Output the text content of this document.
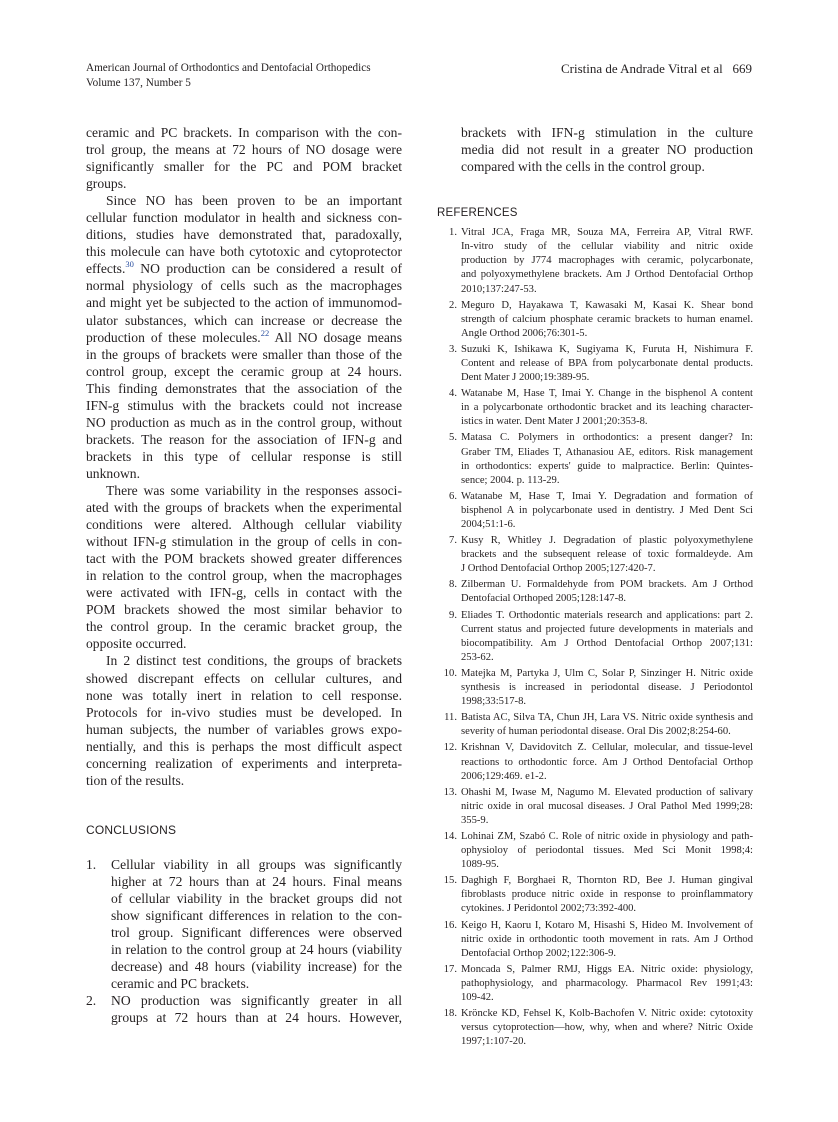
American Journal of Orthodontics and Dentofacial Orthopedics
Volume 137, Number 5
Cristina de Andrade Vitral et al 669
ceramic and PC brackets. In comparison with the con-
trol group, the means at 72 hours of NO dosage were
significantly smaller for the PC and POM bracket
groups.
Since NO has been proven to be an important
cellular function modulator in health and sickness con-
ditions, studies have demonstrated that, paradoxally,
this molecule can have both cytotoxic and cytoprotector
effects.$^{30}$ NO production can be considered a result of
normal physiology of cells such as the macrophages
and might yet be subjected to the action of immunomod-
ulator substances, which can increase or decrease the
production of these molecules.$^{22}$ All NO dosage means
in the groups of brackets were smaller than those of the
control group, except the ceramic group at 24 hours.
This finding demonstrates that the association of the
IFN-g stimulus with the brackets could not increase
NO production as much as in the control group, without
brackets. The reason for the association of IFN-g and
brackets in this type of cellular response is still
unknown.
There was some variability in the responses associ-
ated with the groups of brackets when the experimental
conditions were altered. Although cellular viability
without IFN-g stimulation in the group of cells in con-
tact with the POM brackets showed greater differences
in relation to the control group, when the macrophages
were activated with IFN-g, cells in contact with the
POM brackets showed the most similar behavior to
the control group. In the ceramic bracket group, the
opposite occurred.
In 2 distinct test conditions, the groups of brackets
showed discrepant effects on cellular cultures, and
none was totally inert in relation to cell response.
Protocols for in-vivo studies must be developed. In
human subjects, the number of variables grows expo-
nentially, and this is perhaps the most difficult aspect
concerning realization of experiments and interpreta-
tion of the results.
CONCLUSIONS
1. Cellular viability in all groups was significantly
higher at 72 hours than at 24 hours. Final means
of cellular viability in the bracket groups did not
show significant differences in relation to the con-
trol group. Significant differences were observed
in relation to the control group at 24 hours (viability
decrease) and 48 hours (viability increase) for the
ceramic and PC brackets.
2. NO production was significantly greater in all
groups at 72 hours than at 24 hours. However,
brackets with IFN-g stimulation in the culture
media did not result in a greater NO production
compared with the cells in the control group.
REFERENCES
1. Vitral JCA, Fraga MR, Souza MA, Ferreira AP, Vitral RWF.
In-vitro study of the cellular viability and nitric oxide
production by J774 macrophages with ceramic, polycarbonate,
and polyoxymethylene brackets. Am J Orthod Dentofacial Orthop
2010;137:247-53.
2. Meguro D, Hayakawa T, Kawasaki M, Kasai K. Shear bond
strength of calcium phosphate ceramic brackets to human enamel.
Angle Orthod 2006;76:301-5.
3. Suzuki K, Ishikawa K, Sugiyama K, Furuta H, Nishimura F.
Content and release of BPA from polycarbonate dental products.
Dent Mater J 2000;19:389-95.
4. Watanabe M, Hase T, Imai Y. Change in the bisphenol A content
in a polycarbonate orthodontic bracket and its leaching character-
istics in water. Dent Mater J 2001;20:353-8.
5. Matasa C. Polymers in orthodontics: a present danger? In:
Graber TM, Eliades T, Athanasiou AE, editors. Risk management
in orthodontics: experts' guide to malpractice. Berlin: Quintes-
sence; 2004. p. 113-29.
6. Watanabe M, Hase T, Imai Y. Degradation and formation of
bisphenol A in polycarbonate used in dentistry. J Med Dent Sci
2004;51:1-6.
7. Kusy R, Whitley J. Degradation of plastic polyoxymethylene
brackets and the subsequent release of toxic formaldeyde. Am
J Orthod Dentofacial Orthop 2005;127:420-7.
8. Zilberman U. Formaldehyde from POM brackets. Am J Orthod
Dentofacial Orthoped 2005;128:147-8.
9. Eliades T. Orthodontic materials research and applications: part 2.
Current status and projected future developments in materials and
biocompatibility. Am J Orthod Dentofacial Orthop 2007;131:
253-62.
10. Matejka M, Partyka J, Ulm C, Solar P, Sinzinger H. Nitric oxide
synthesis is increased in periodontal disease. J Periodontol
1998;33:517-8.
11. Batista AC, Silva TA, Chun JH, Lara VS. Nitric oxide synthesis and
severity of human periodontal disease. Oral Dis 2002;8:254-60.
12. Krishnan V, Davidovitch Z. Cellular, molecular, and tissue-level
reactions to orthodontic force. Am J Orthod Dentofacial Orthop
2006;129:469. e1-2.
13. Ohashi M, Iwase M, Nagumo M. Elevated production of salivary
nitric oxide in oral mucosal diseases. J Oral Pathol Med 1999;28:
355-9.
14. Lohinai ZM, Szabó C. Role of nitric oxide in physiology and path-
ophysioloy of periodontal tissues. Med Sci Monit 1998;4:
1089-95.
15. Daghigh F, Borghaei R, Thornton RD, Bee J. Human gingival
fibroblasts produce nitric oxide in response to proinflammatory
cytokines. J Peridontol 2002;73:392-400.
16. Keigo H, Kaoru I, Kotaro M, Hisashi S, Hideo M. Involvement of
nitric oxide in orthodontic tooth movement in rats. Am J Orthod
Dentofacial Orthop 2002;122:306-9.
17. Moncada S, Palmer RMJ, Higgs EA. Nitric oxide: physiology,
pathophysiology, and pharmacology. Pharmacol Rev 1991;43:
109-42.
18. Kröncke KD, Fehsel K, Kolb-Bachofen V. Nitric oxide: cytotoxity
versus cytoprotection—how, why, when and where? Nitric Oxide
1997;1:107-20.
